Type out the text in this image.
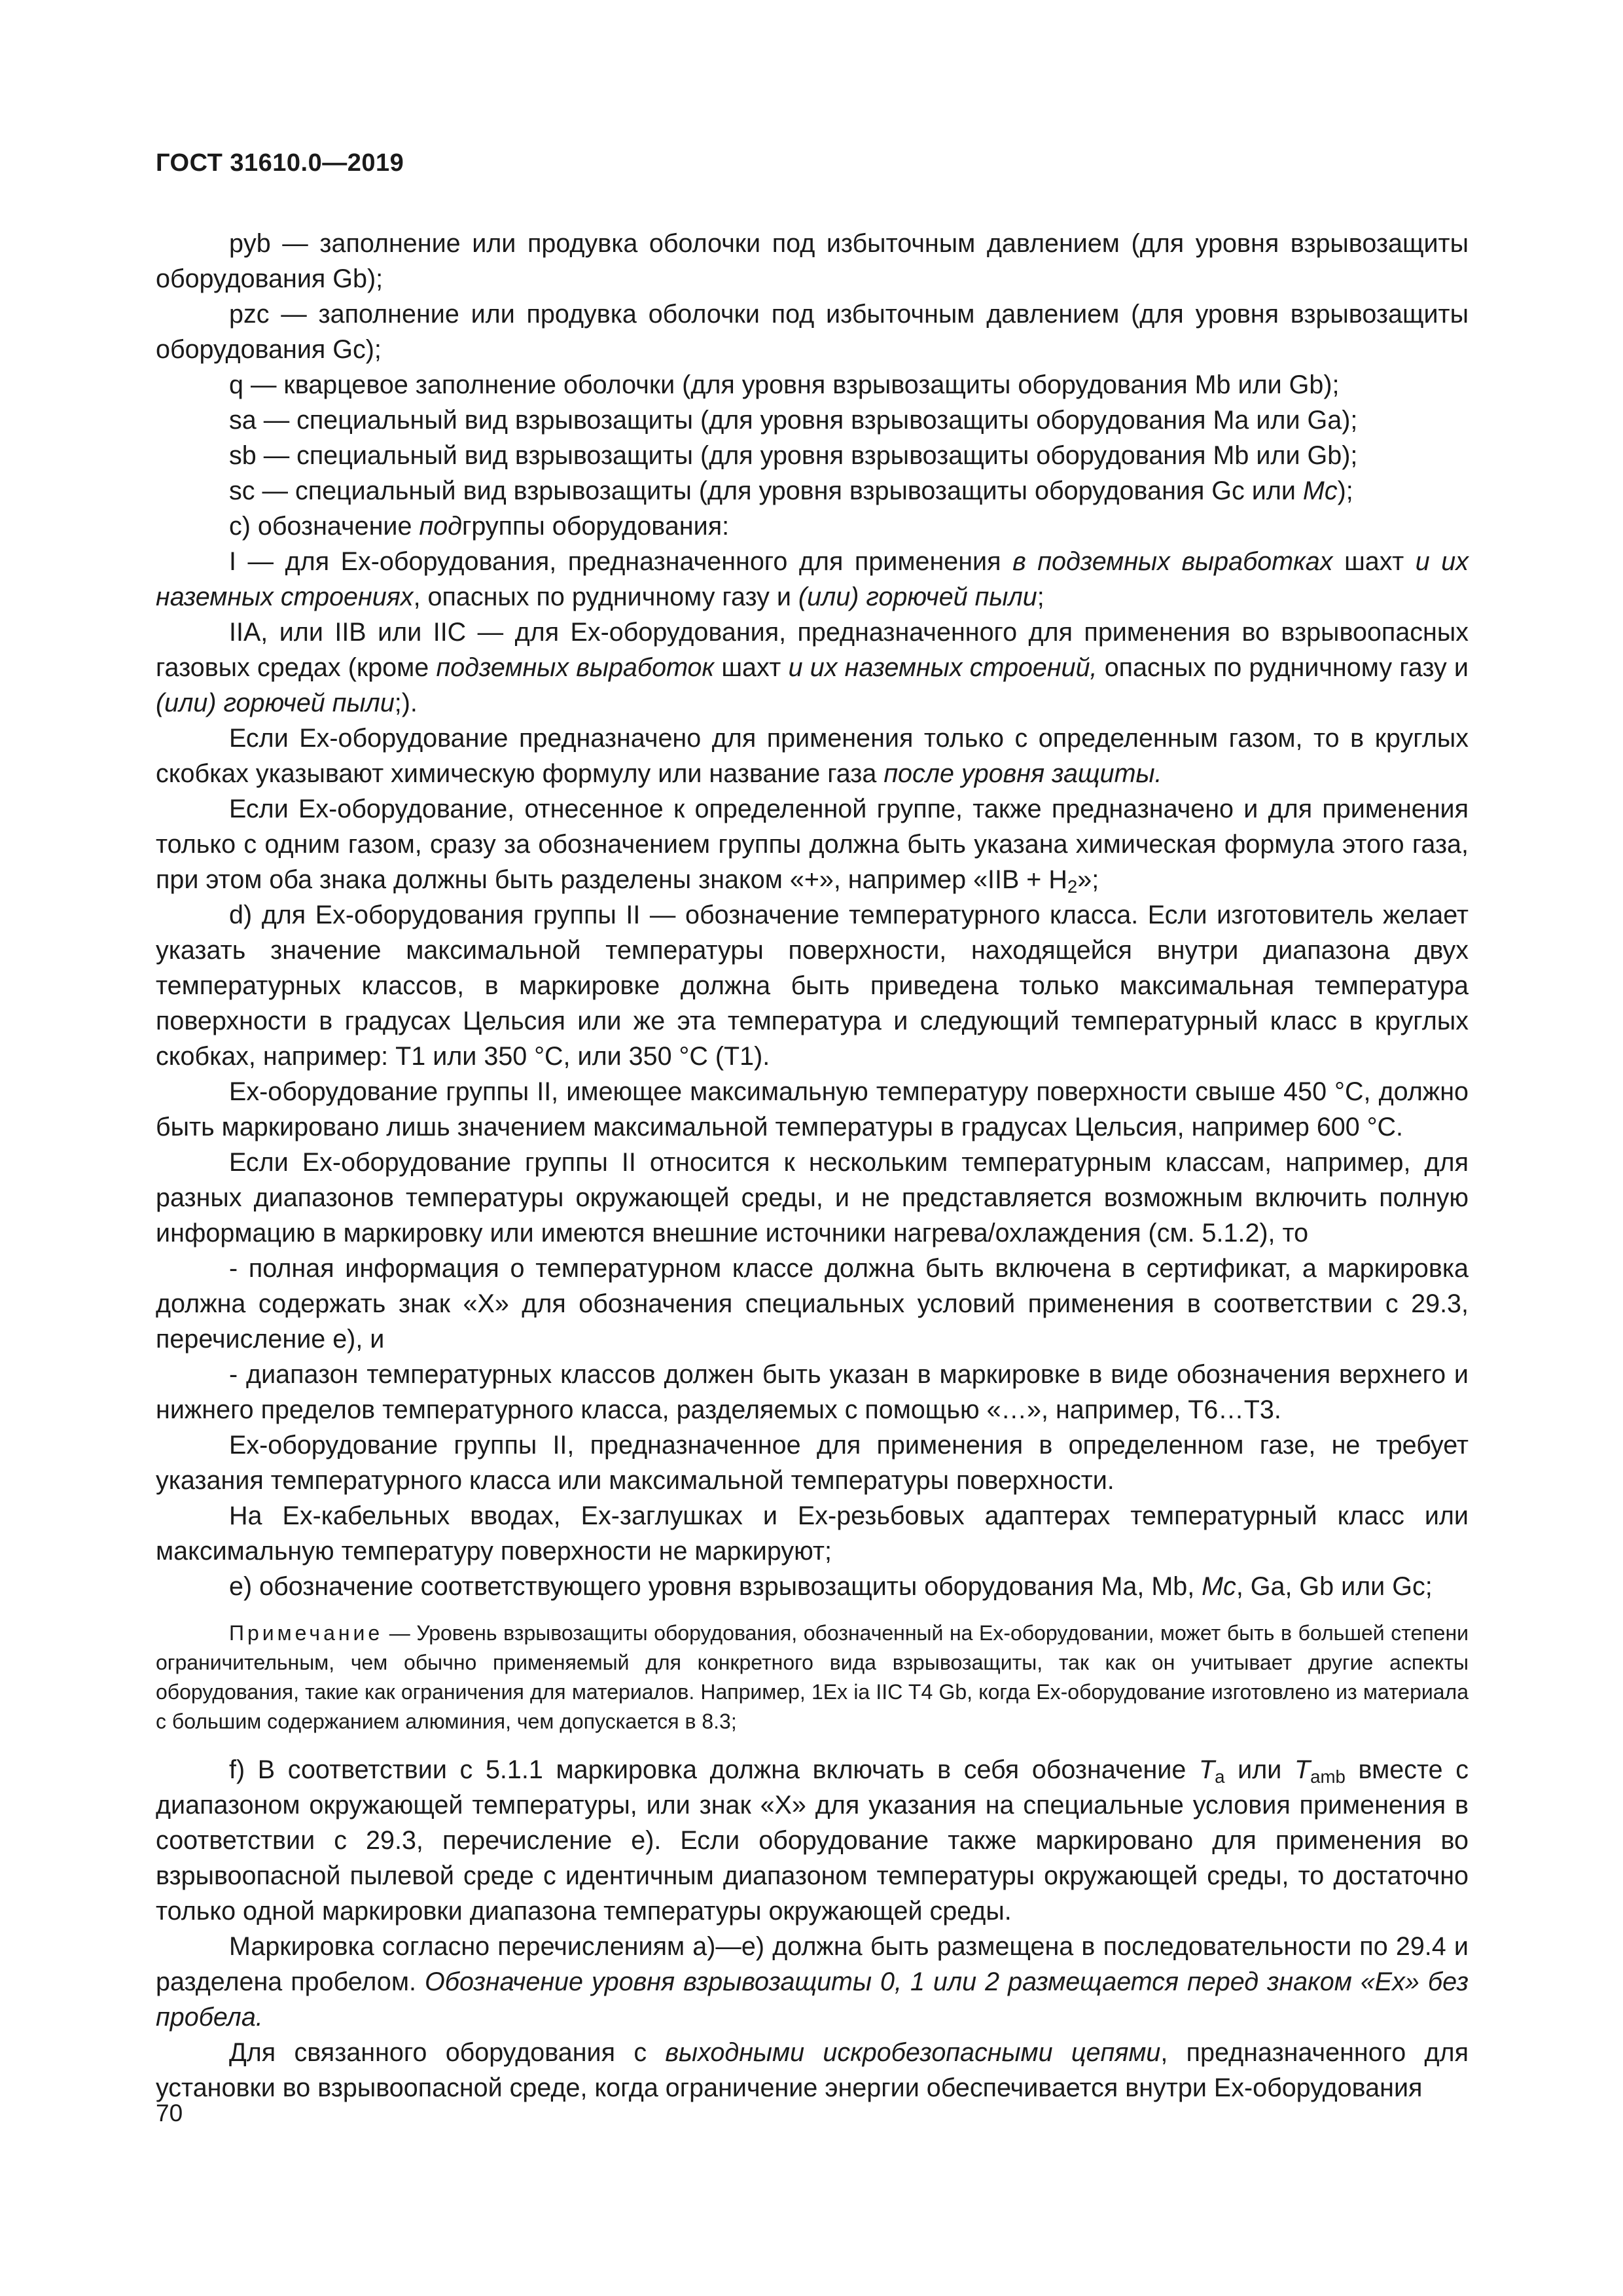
ГОСТ 31610.0—2019

pyb — заполнение или продувка оболочки под избыточным давлением (для уровня взрывозащиты оборудования Gb);

pzc — заполнение или продувка оболочки под избыточным давлением (для уровня взрывозащиты оборудования Gc);

q — кварцевое заполнение оболочки (для уровня взрывозащиты оборудования Mb или Gb);

sa — специальный вид взрывозащиты (для уровня взрывозащиты оборудования Ma или Ga);

sb — специальный вид взрывозащиты (для уровня взрывозащиты оборудования Mb или Gb);

sc — специальный вид взрывозащиты (для уровня взрывозащиты оборудования Gc или Mc);

c) обозначение подгруппы оборудования:

I — для Ex-оборудования, предназначенного для применения в подземных выработках шахт и их наземных строениях, опасных по рудничному газу и (или) горючей пыли;

IIA, или IIB или IIC — для Ex-оборудования, предназначенного для применения во взрывоопасных газовых средах (кроме подземных выработок шахт и их наземных строений, опасных по рудничному газу и (или) горючей пыли;).

Если Ex-оборудование предназначено для применения только с определенным газом, то в круглых скобках указывают химическую формулу или название газа после уровня защиты.

Если Ex-оборудование, отнесенное к определенной группе, также предназначено и для применения только с одним газом, сразу за обозначением группы должна быть указана химическая формула этого газа, при этом оба знака должны быть разделены знаком «+», например «IIB + $H_2$»;

d) для Ex-оборудования группы II — обозначение температурного класса. Если изготовитель желает указать значение максимальной температуры поверхности, находящейся внутри диапазона двух температурных классов, в маркировке должна быть приведена только максимальная температура поверхности в градусах Цельсия или же эта температура и следующий температурный класс в круглых скобках, например: T1 или 350 °C, или 350 °C (T1).

Ex-оборудование группы II, имеющее максимальную температуру поверхности свыше 450 °C, должно быть маркировано лишь значением максимальной температуры в градусах Цельсия, например 600 °C.

Если Ex-оборудование группы II относится к нескольким температурным классам, например, для разных диапазонов температуры окружающей среды, и не представляется возможным включить полную информацию в маркировку или имеются внешние источники нагрева/охлаждения (см. 5.1.2), то

- полная информация о температурном классе должна быть включена в сертификат, а маркировка должна содержать знак «X» для обозначения специальных условий применения в соответствии с 29.3, перечисление e), и

- диапазон температурных классов должен быть указан в маркировке в виде обозначения верхнего и нижнего пределов температурного класса, разделяемых с помощью «…», например, T6…T3.

Ex-оборудование группы II, предназначенное для применения в определенном газе, не требует указания температурного класса или максимальной температуры поверхности.

На Ex-кабельных вводах, Ex-заглушках и Ex-резьбовых адаптерах температурный класс или максимальную температуру поверхности не маркируют;

e) обозначение соответствующего уровня взрывозащиты оборудования Ma, Mb, Mc, Ga, Gb или Gc;

Примечание — Уровень взрывозащиты оборудования, обозначенный на Ex-оборудовании, может быть в большей степени ограничительным, чем обычно применяемый для конкретного вида взрывозащиты, так как он учитывает другие аспекты оборудования, такие как ограничения для материалов. Например, 1Ex ia IIC T4 Gb, когда Ex-оборудование изготовлено из материала с большим содержанием алюминия, чем допускается в 8.3;

f) В соответствии с 5.1.1 маркировка должна включать в себя обозначение $T_a$ или $T_{amb}$ вместе с диапазоном окружающей температуры, или знак «X» для указания на специальные условия применения в соответствии с 29.3, перечисление e). Если оборудование также маркировано для применения во взрывоопасной пылевой среде с идентичным диапазоном температуры окружающей среды, то достаточно только одной маркировки диапазона температуры окружающей среды.

Маркировка согласно перечислениям a)—e) должна быть размещена в последовательности по 29.4 и разделена пробелом. Обозначение уровня взрывозащиты 0, 1 или 2 размещается перед знаком «Ex» без пробела.

Для связанного оборудования с выходными искробезопасными цепями, предназначенного для установки во взрывоопасной среде, когда ограничение энергии обеспечивается внутри Ex-оборудования

70
